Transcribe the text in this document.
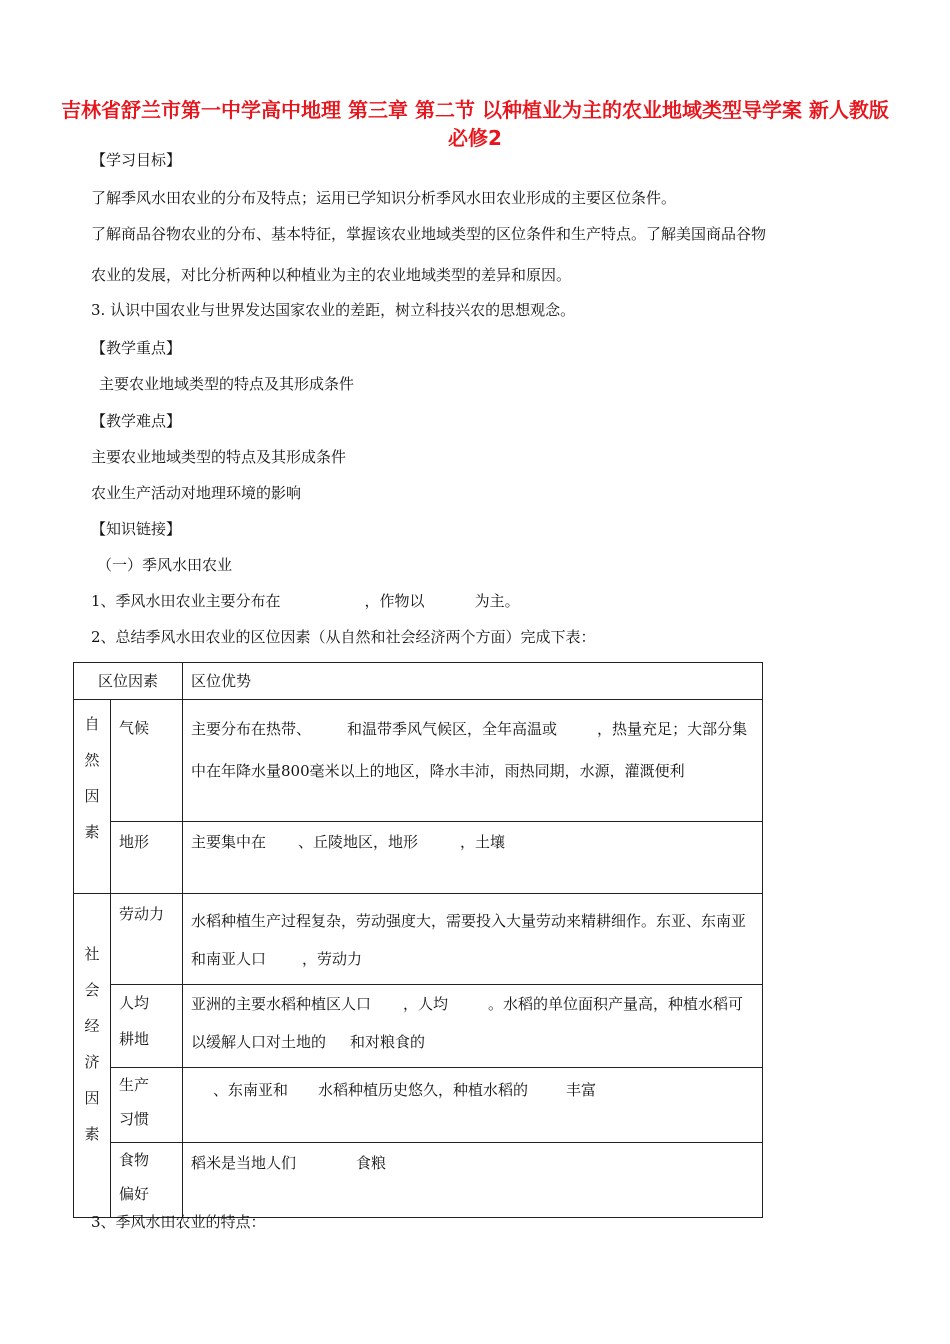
吉林省舒兰市第一中学高中地理 第三章 第二节 以种植业为主的农业地域类型导学案 新人教版必修2
【学习目标】
了解季风水田农业的分布及特点；运用已学知识分析季风水田农业形成的主要区位条件。
了解商品谷物农业的分布、基本特征，掌握该农业地域类型的区位条件和生产特点。了解美国商品谷物
农业的发展，对比分析两种以种植业为主的农业地域类型的差异和原因。
3. 认识中国农业与世界发达国家农业的差距，树立科技兴农的思想观念。
【教学重点】
主要农业地域类型的特点及其形成条件
【教学难点】
主要农业地域类型的特点及其形成条件
农业生产活动对地理环境的影响
【知识链接】
（一）季风水田农业
1、季风水田农业主要分布在	，作物以	为主。
2、总结季风水田农业的区位因素（从自然和社会经济两个方面）完成下表：
区位因素		区位优势

自然因素	气候	主要分布在热带、 和温带季风气候区，全年高温或 ，热量充足；大部分集中在年降水量800毫米以上的地区，降水丰沛，雨热同期，水源，灌溉便利

	地形	主要集中在 、丘陵地区，地形 ，土壤

社会经济因素	劳动力	水稻种植生产过程复杂，劳动强度大，需要投入大量劳动来精耕细作。东亚、东南亚和南亚人口 ，劳动力

	人均耕地	亚洲的主要水稻种植区人口 ，人均 。水稻的单位面积产量高，种植水稻可以缓解人口对土地的 和对粮食的

	生产习惯	、东南亚和 水稻种植历史悠久，种植水稻的 丰富

	食物偏好	稻米是当地人们 食粮
3、季风水田农业的特点：
